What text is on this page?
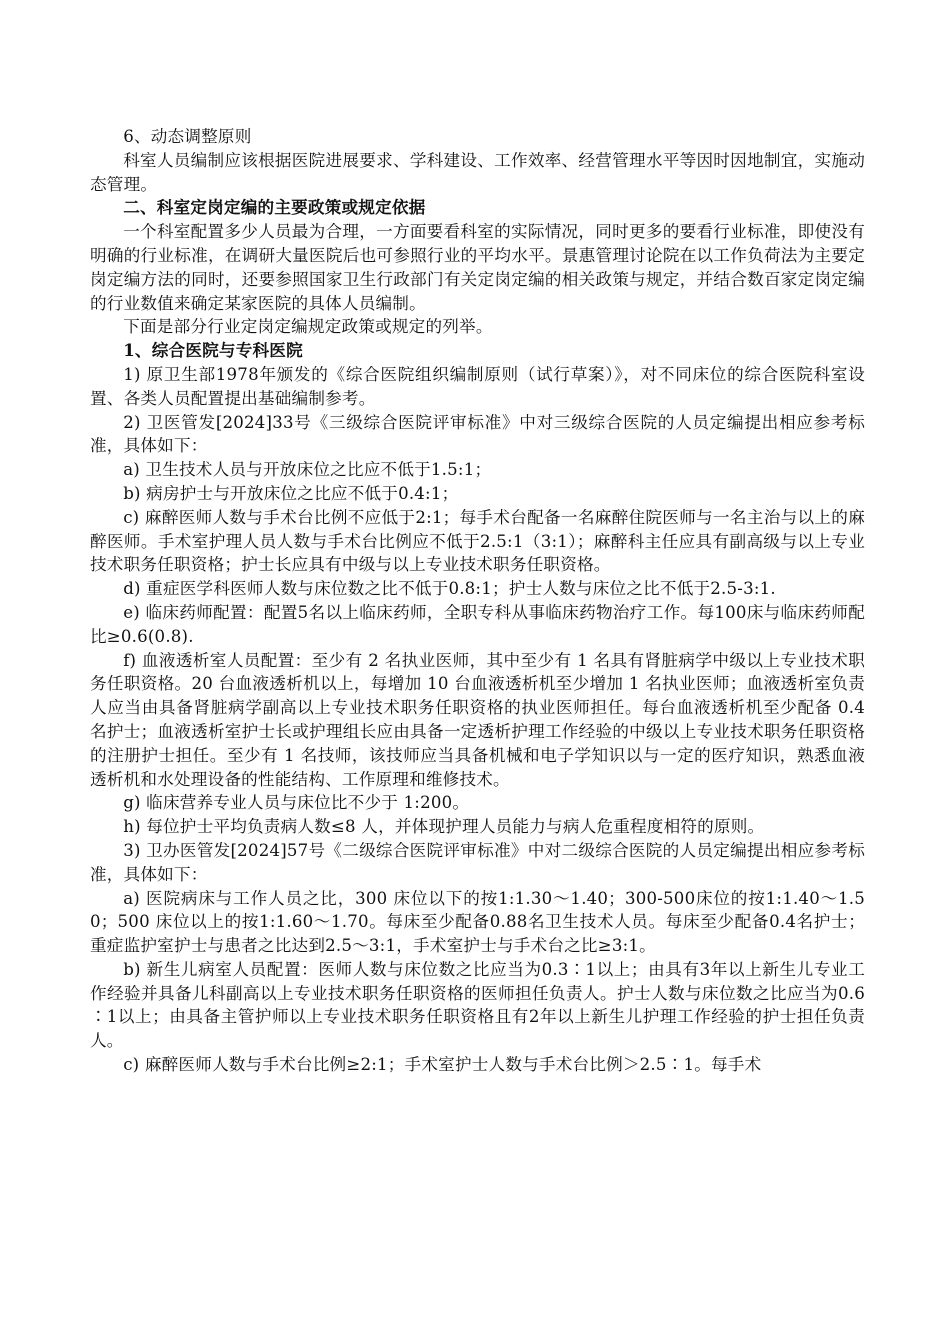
6、动态调整原则

科室人员编制应该根据医院进展要求、学科建设、工作效率、经营管理水平等因时因地制宜，实施动态管理。

二、科室定岗定编的主要政策或规定依据

一个科室配置多少人员最为合理，一方面要看科室的实际情况，同时更多的要看行业标准，即使没有明确的行业标准，在调研大量医院后也可参照行业的平均水平。景惠管理讨论院在以工作负荷法为主要定岗定编方法的同时，还要参照国家卫生行政部门有关定岗定编的相关政策与规定，并结合数百家定岗定编的行业数值来确定某家医院的具体人员编制。

下面是部分行业定岗定编规定政策或规定的列举。

1、综合医院与专科医院

1) 原卫生部1978年颁发的《综合医院组织编制原则（试行草案）》，对不同床位的综合医院科室设置、各类人员配置提出基础编制参考。

2) 卫医管发[2024]33号《三级综合医院评审标准》中对三级综合医院的人员定编提出相应参考标准，具体如下：

a) 卫生技术人员与开放床位之比应不低于1.5:1；

b) 病房护士与开放床位之比应不低于0.4:1；

c) 麻醉医师人数与手术台比例不应低于2:1；每手术台配备一名麻醉住院医师与一名主治与以上的麻醉医师。手术室护理人员人数与手术台比例应不低于2.5:1（3:1）；麻醉科主任应具有副高级与以上专业技术职务任职资格；护士长应具有中级与以上专业技术职务任职资格。

d) 重症医学科医师人数与床位数之比不低于0.8:1；护士人数与床位之比不低于2.5-3:1.

e) 临床药师配置：配置5名以上临床药师，全职专科从事临床药物治疗工作。每100床与临床药师配比≥0.6(0.8).

f) 血液透析室人员配置：至少有 2 名执业医师，其中至少有 1 名具有肾脏病学中级以上专业技术职务任职资格。20 台血液透析机以上，每增加 10 台血液透析机至少增加 1 名执业医师；血液透析室负责人应当由具备肾脏病学副高以上专业技术职务任职资格的执业医师担任。每台血液透析机至少配备 0.4 名护士；血液透析室护士长或护理组长应由具备一定透析护理工作经验的中级以上专业技术职务任职资格的注册护士担任。至少有 1 名技师，该技师应当具备机械和电子学知识以与一定的医疗知识，熟悉血液透析机和水处理设备的性能结构、工作原理和维修技术。

g) 临床营养专业人员与床位比不少于 1:200。

h) 每位护士平均负责病人数≤8 人，并体现护理人员能力与病人危重程度相符的原则。

3) 卫办医管发[2024]57号《二级综合医院评审标准》中对二级综合医院的人员定编提出相应参考标准，具体如下：

a) 医院病床与工作人员之比，300 床位以下的按1:1.30～1.40；300-500床位的按1:1.40～1.50；500 床位以上的按1:1.60～1.70。每床至少配备0.88名卫生技术人员。每床至少配备0.4名护士；重症监护室护士与患者之比达到2.5～3:1，手术室护士与手术台之比≥3:1。

b) 新生儿病室人员配置：医师人数与床位数之比应当为0.3∶1以上；由具有3年以上新生儿专业工作经验并具备儿科副高以上专业技术职务任职资格的医师担任负责人。护士人数与床位数之比应当为0.6∶1以上；由具备主管护师以上专业技术职务任职资格且有2年以上新生儿护理工作经验的护士担任负责人。

c) 麻醉医师人数与手术台比例≥2:1；手术室护士人数与手术台比例＞2.5∶1。每手术
